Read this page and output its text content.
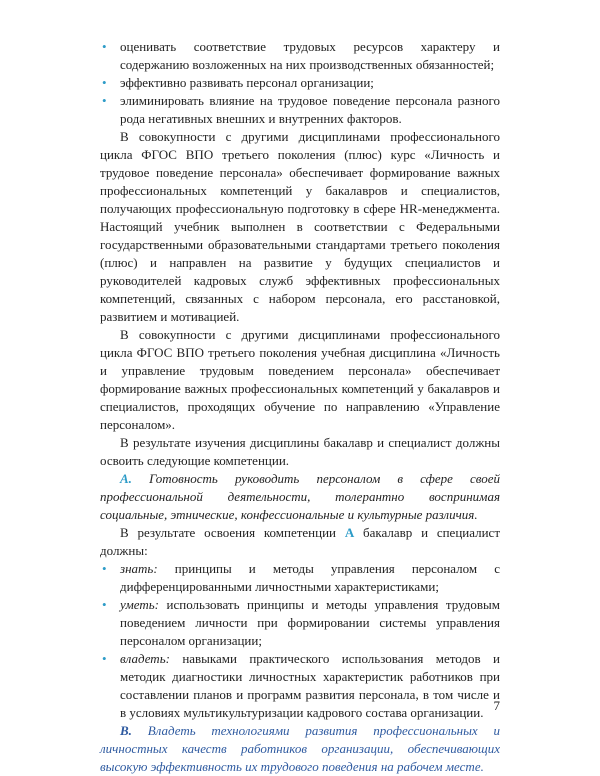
• оценивать соответствие трудовых ресурсов характеру и содержанию возложенных на них производственных обязанностей;
• эффективно развивать персонал организации;
• элиминировать влияние на трудовое поведение персонала разного рода негативных внешних и внутренних факторов.

В совокупности с другими дисциплинами профессионального цикла ФГОС ВПО третьего поколения (плюс) курс «Личность и трудовое поведение персонала» обеспечивает формирование важных профессиональных компетенций у бакалавров и специалистов, получающих профессиональную подготовку в сфере HR-менеджмента. Настоящий учебник выполнен в соответствии с Федеральными государственными образовательными стандартами третьего поколения (плюс) и направлен на развитие у будущих специалистов и руководителей кадровых служб эффективных профессиональных компетенций, связанных с набором персонала, его расстановкой, развитием и мотивацией.

В совокупности с другими дисциплинами профессионального цикла ФГОС ВПО третьего поколения учебная дисциплина «Личность и управление трудовым поведением персонала» обеспечивает формирование важных профессиональных компетенций у бакалавров и специалистов, проходящих обучение по направлению «Управление персоналом».

В результате изучения дисциплины бакалавр и специалист должны освоить следующие компетенции.

А. Готовность руководить персоналом в сфере своей профессиональной деятельности, толерантно воспринимая социальные, этнические, конфессиональные и культурные различия.

В результате освоения компетенции А бакалавр и специалист должны:

• знать: принципы и методы управления персоналом с дифференцированными личностными характеристиками;
• уметь: использовать принципы и методы управления трудовым поведением личности при формировании системы управления персоналом организации;
• владеть: навыками практического использования методов и методик диагностики личностных характеристик работников при составлении планов и программ развития персонала, в том числе и в условиях мультикультуризации кадрового состава организации.

В. Владеть технологиями развития профессиональных и личностных качеств работников организации, обеспечивающих высокую эффективность их трудового поведения на рабочем месте.

7
